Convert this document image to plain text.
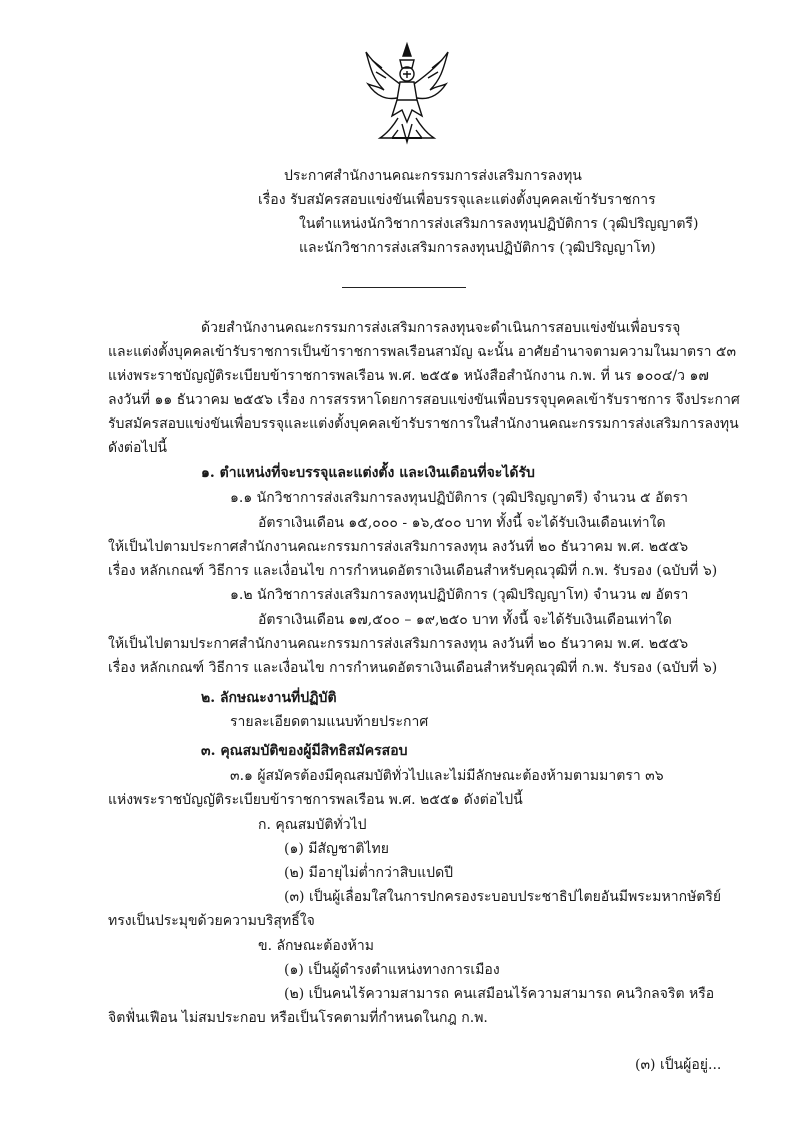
ประกาศสำนักงานคณะกรรมการส่งเสริมการลงทุน
เรื่อง รับสมัครสอบแข่งขันเพื่อบรรจุและแต่งตั้งบุคคลเข้ารับราชการ
ในตำแหน่งนักวิชาการส่งเสริมการลงทุนปฏิบัติการ (วุฒิปริญญาตรี)
และนักวิชาการส่งเสริมการลงทุนปฏิบัติการ (วุฒิปริญญาโท)
ด้วยสำนักงานคณะกรรมการส่งเสริมการลงทุนจะดำเนินการสอบแข่งขันเพื่อบรรจุ
และแต่งตั้งบุคคลเข้ารับราชการเป็นข้าราชการพลเรือนสามัญ ฉะนั้น อาศัยอำนาจตามความในมาตรา ๕๓
แห่งพระราชบัญญัติระเบียบข้าราชการพลเรือน พ.ศ. ๒๕๕๑ หนังสือสำนักงาน ก.พ. ที่ นร ๑๐๐๔/ว ๑๗
ลงวันที่ ๑๑ ธันวาคม ๒๕๕๖ เรื่อง การสรรหาโดยการสอบแข่งขันเพื่อบรรจุบุคคลเข้ารับราชการ จึงประกาศ
รับสมัครสอบแข่งขันเพื่อบรรจุและแต่งตั้งบุคคลเข้ารับราชการในสำนักงานคณะกรรมการส่งเสริมการลงทุน
ดังต่อไปนี้
๑. ตำแหน่งที่จะบรรจุและแต่งตั้ง และเงินเดือนที่จะได้รับ
๑.๑ นักวิชาการส่งเสริมการลงทุนปฏิบัติการ (วุฒิปริญญาตรี) จำนวน ๕ อัตรา
อัตราเงินเดือน ๑๕,๐๐๐ - ๑๖,๕๐๐ บาท ทั้งนี้ จะได้รับเงินเดือนเท่าใด
ให้เป็นไปตามประกาศสำนักงานคณะกรรมการส่งเสริมการลงทุน ลงวันที่ ๒๐ ธันวาคม พ.ศ. ๒๕๕๖
เรื่อง หลักเกณฑ์ วิธีการ และเงื่อนไข การกำหนดอัตราเงินเดือนสำหรับคุณวุฒิที่ ก.พ. รับรอง (ฉบับที่ ๖)
๑.๒ นักวิชาการส่งเสริมการลงทุนปฏิบัติการ (วุฒิปริญญาโท) จำนวน ๗ อัตรา
อัตราเงินเดือน ๑๗,๕๐๐ – ๑๙,๒๕๐ บาท ทั้งนี้ จะได้รับเงินเดือนเท่าใด
ให้เป็นไปตามประกาศสำนักงานคณะกรรมการส่งเสริมการลงทุน ลงวันที่ ๒๐ ธันวาคม พ.ศ. ๒๕๕๖
เรื่อง หลักเกณฑ์ วิธีการ และเงื่อนไข การกำหนดอัตราเงินเดือนสำหรับคุณวุฒิที่ ก.พ. รับรอง (ฉบับที่ ๖)
๒. ลักษณะงานที่ปฏิบัติ
รายละเอียดตามแนบท้ายประกาศ
๓. คุณสมบัติของผู้มีสิทธิสมัครสอบ
๓.๑ ผู้สมัครต้องมีคุณสมบัติทั่วไปและไม่มีลักษณะต้องห้ามตามมาตรา ๓๖
แห่งพระราชบัญญัติระเบียบข้าราชการพลเรือน พ.ศ. ๒๕๕๑ ดังต่อไปนี้
ก. คุณสมบัติทั่วไป
(๑) มีสัญชาติไทย
(๒) มีอายุไม่ต่ำกว่าสิบแปดปี
(๓) เป็นผู้เลื่อมใสในการปกครองระบอบประชาธิปไตยอันมีพระมหากษัตริย์
ทรงเป็นประมุขด้วยความบริสุทธิ์ใจ
ข. ลักษณะต้องห้าม
(๑) เป็นผู้ดำรงตำแหน่งทางการเมือง
(๒) เป็นคนไร้ความสามารถ คนเสมือนไร้ความสามารถ คนวิกลจริต หรือ
จิตฟั่นเฟือน ไม่สมประกอบ หรือเป็นโรคตามที่กำหนดในกฎ ก.พ.
(๓) เป็นผู้อยู่...
